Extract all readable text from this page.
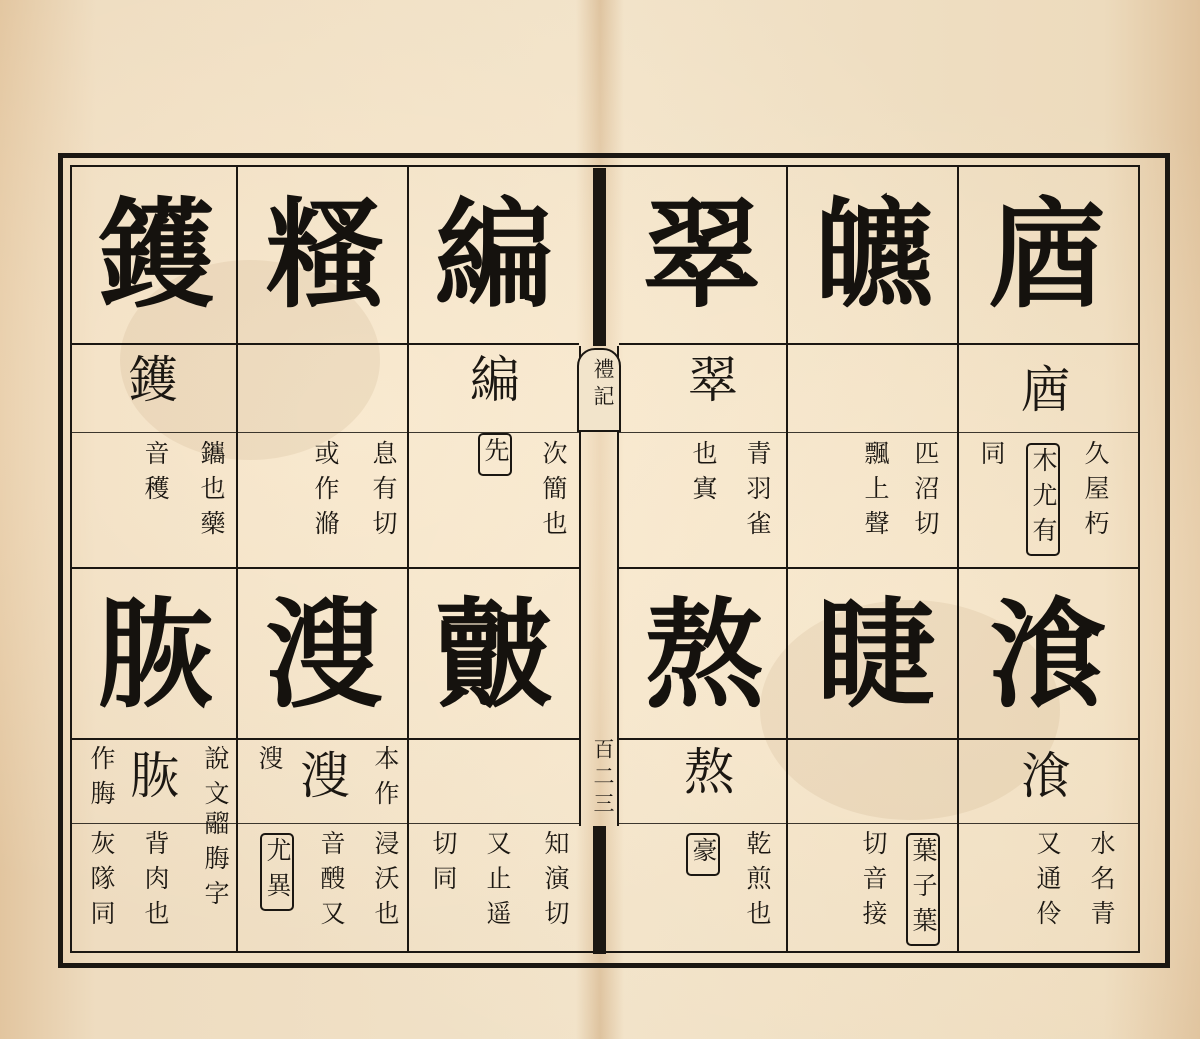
禮記
百二三
庮
庮
久屋朽
木尤有
同
皫
匹沼切
飄上聲
翠
翠
青羽雀
也寘
湌
湌
水名青
又通伶
睫
葉子葉
切音接
熬
熬
乾煎也
豪
編
編
次簡也
先
糔
息有切
或作滫
鑊
鑊
鑴也藥
音穫
皾
知演切
又止遥
切同
溲
溲 本作
浸沃也
音醙又
溲
尤異
脄
脄 說文
鬸脢字
背肉也
作脢
灰隊同
